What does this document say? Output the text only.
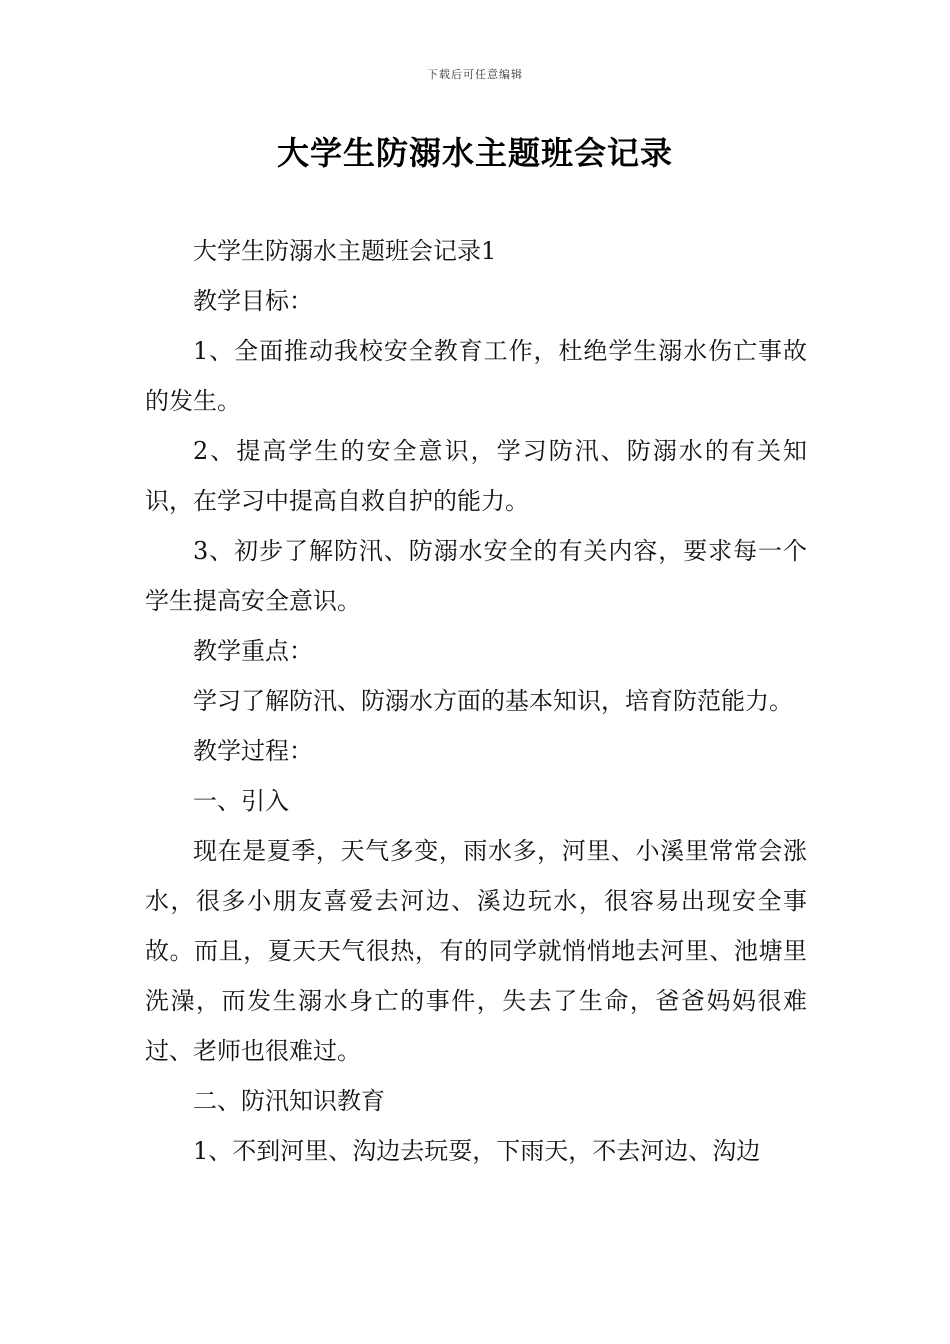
下载后可任意编辑
大学生防溺水主题班会记录

大学生防溺水主题班会记录1

教学目标：

1、全面推动我校安全教育工作，杜绝学生溺水伤亡事故的发生。

2、提高学生的安全意识，学习防汛、防溺水的有关知识，在学习中提高自救自护的能力。

3、初步了解防汛、防溺水安全的有关内容，要求每一个学生提高安全意识。

教学重点：

学习了解防汛、防溺水方面的基本知识，培育防范能力。

教学过程：

一、引入

现在是夏季，天气多变，雨水多，河里、小溪里常常会涨水，很多小朋友喜爱去河边、溪边玩水，很容易出现安全事故。而且，夏天天气很热，有的同学就悄悄地去河里、池塘里洗澡，而发生溺水身亡的事件，失去了生命，爸爸妈妈很难过、老师也很难过。

二、防汛知识教育

1、不到河里、沟边去玩耍，下雨天，不去河边、沟边
